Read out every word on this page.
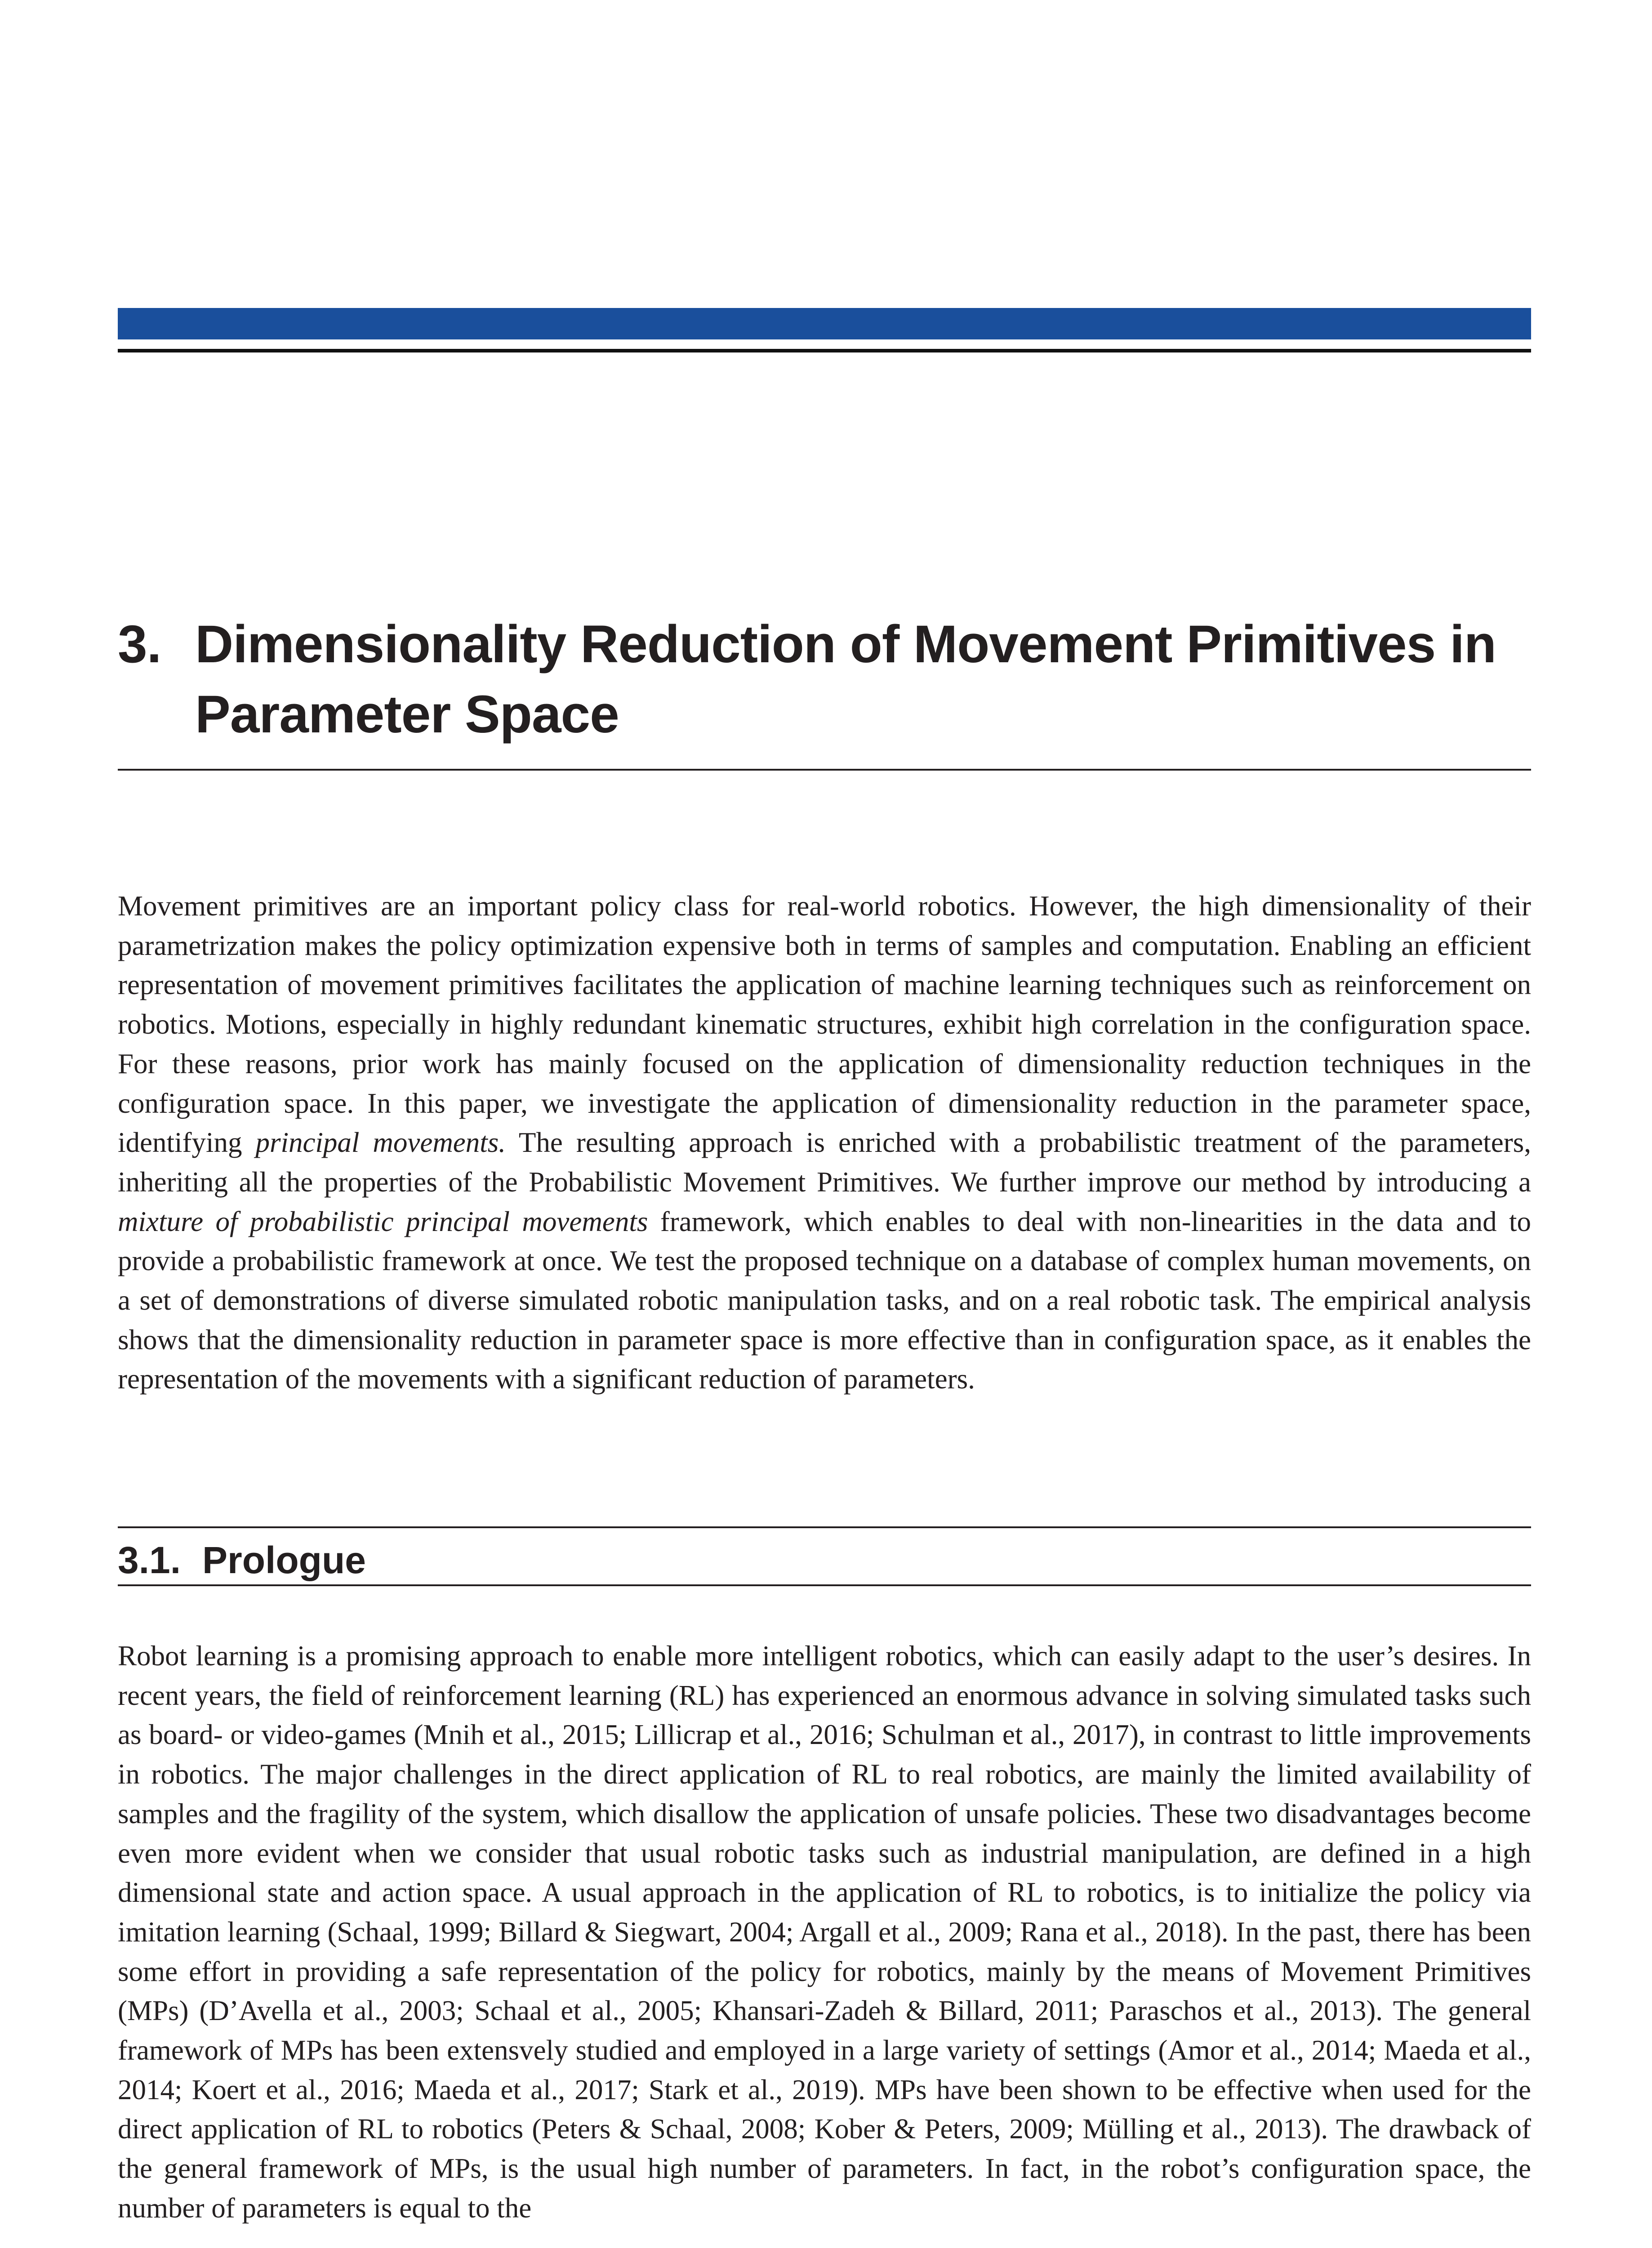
3. Dimensionality Reduction of Movement Primitives in Parameter Space

Movement primitives are an important policy class for real-world robotics. However, the high dimensionality of their parametrization makes the policy optimization expensive both in terms of samples and computation. Enabling an efficient representation of movement primitives facilitates the application of machine learning techniques such as reinforcement on robotics. Motions, especially in highly redundant kinematic structures, exhibit high correlation in the configuration space. For these reasons, prior work has mainly focused on the application of dimensionality reduction techniques in the configuration space. In this paper, we investigate the application of dimensionality reduction in the parameter space, identifying principal movements. The resulting approach is enriched with a probabilistic treatment of the parameters, inheriting all the properties of the Probabilistic Movement Primitives. We further improve our method by introducing a mixture of probabilistic principal movements framework, which enables to deal with non-linearities in the data and to provide a probabilistic framework at once. We test the proposed technique on a database of complex human movements, on a set of demonstrations of diverse simulated robotic manipulation tasks, and on a real robotic task. The empirical analysis shows that the dimensionality reduction in parameter space is more effective than in configuration space, as it enables the representation of the movements with a significant reduction of parameters.

3.1. Prologue

Robot learning is a promising approach to enable more intelligent robotics, which can easily adapt to the user’s desires. In recent years, the field of reinforcement learning (RL) has experienced an enormous advance in solving simulated tasks such as board- or video-games (Mnih et al., 2015; Lillicrap et al., 2016; Schulman et al., 2017), in contrast to little improvements in robotics. The major challenges in the direct application of RL to real robotics, are mainly the limited availability of samples and the fragility of the system, which disallow the application of unsafe policies. These two disadvantages become even more evident when we consider that usual robotic tasks such as industrial manipulation, are defined in a high dimensional state and action space. A usual approach in the application of RL to robotics, is to initialize the policy via imitation learning (Schaal, 1999; Billard & Siegwart, 2004; Argall et al., 2009; Rana et al., 2018). In the past, there has been some effort in providing a safe representation of the policy for robotics, mainly by the means of Movement Primitives (MPs) (D’Avella et al., 2003; Schaal et al., 2005; Khansari-Zadeh & Billard, 2011; Paraschos et al., 2013). The general framework of MPs has been extensvely studied and employed in a large variety of settings (Amor et al., 2014; Maeda et al., 2014; Koert et al., 2016; Maeda et al., 2017; Stark et al., 2019). MPs have been shown to be effective when used for the direct application of RL to robotics (Peters & Schaal, 2008; Kober & Peters, 2009; Mülling et al., 2013). The drawback of the general framework of MPs, is the usual high number of parameters. In fact, in the robot’s configuration space, the number of parameters is equal to the
